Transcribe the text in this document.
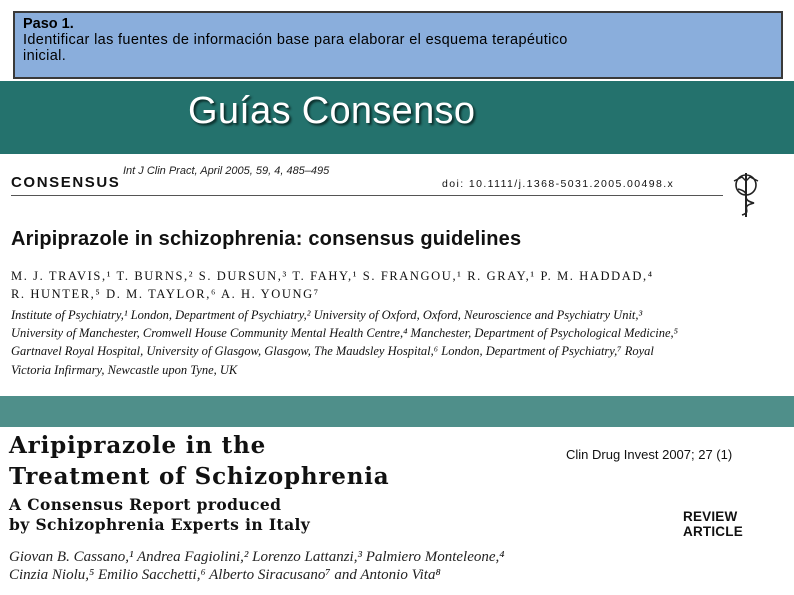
Paso 1.
Identificar las fuentes de información base para elaborar el esquema terapéutico
inicial.
Guías Consenso
Int J Clin Pract, April 2005, 59, 4, 485–495
CONSENSUS	doi: 10.1111/j.1368-5031.2005.00498.x
Aripiprazole in schizophrenia: consensus guidelines
M. J. TRAVIS,¹ T. BURNS,² S. DURSUN,³ T. FAHY,¹ S. FRANGOU,¹ R. GRAY,¹ P. M. HADDAD,⁴
R. HUNTER,⁵ D. M. TAYLOR,⁶ A. H. YOUNG⁷
Institute of Psychiatry,¹ London, Department of Psychiatry,² University of Oxford, Oxford, Neuroscience and Psychiatry Unit,³
University of Manchester, Cromwell House Community Mental Health Centre,⁴ Manchester, Department of Psychological Medicine,⁵
Gartnavel Royal Hospital, University of Glasgow, Glasgow, The Maudsley Hospital,⁶ London, Department of Psychiatry,⁷ Royal
Victoria Infirmary, Newcastle upon Tyne, UK
Aripiprazole in the
Treatment of Schizophrenia
A Consensus Report produced
by Schizophrenia Experts in Italy
Clin Drug Invest 2007; 27 (1)
REVIEW ARTICLE
Giovan B. Cassano,¹ Andrea Fagiolini,² Lorenzo Lattanzi,³ Palmiero Monteleone,⁴
Cinzia Niolu,⁵ Emilio Sacchetti,⁶ Alberto Siracusano⁷ and Antonio Vita⁸
